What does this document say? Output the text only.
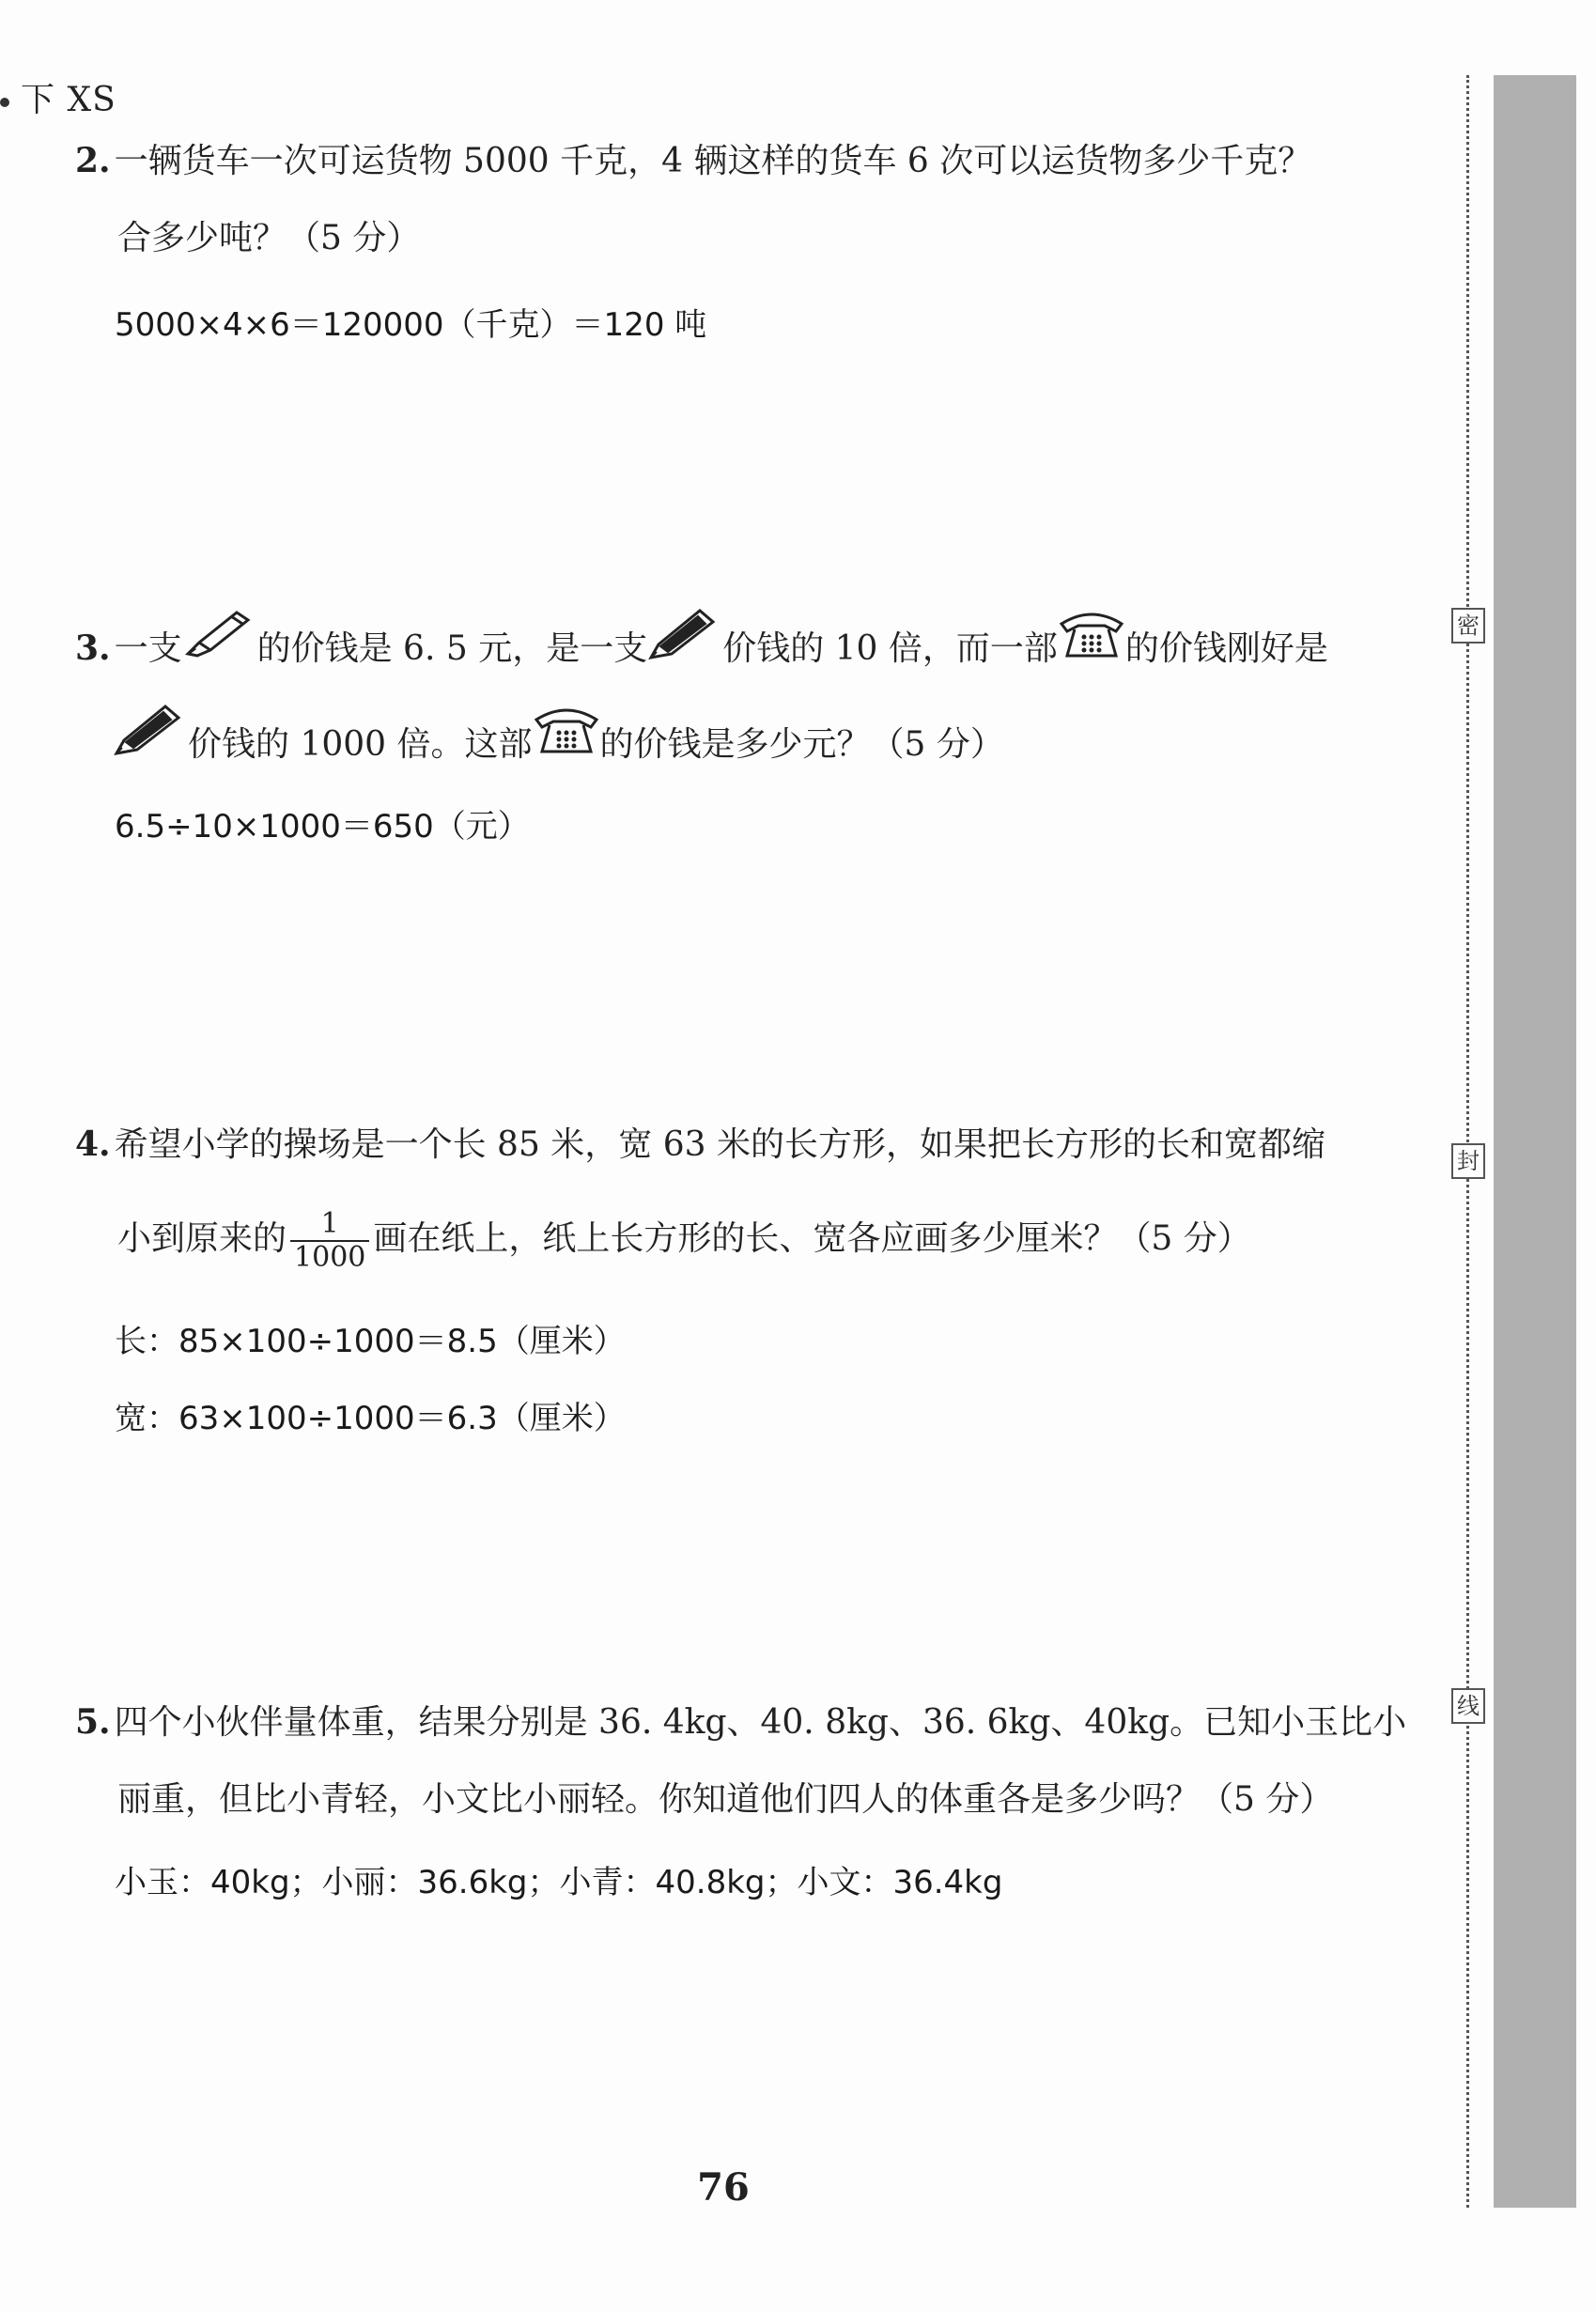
下 XS
2. 一辆货车一次可运货物 5000 千克，4 辆这样的货车 6 次可以运货物多少千克？
合多少吨？（5 分）
5000×4×6＝120000（千克）＝120 吨
3. 一支 的价钱是 6. 5 元，是一支 价钱的 10 倍，而一部 的价钱刚好是
价钱的 1000 倍。这部 的价钱是多少元？（5 分）
6.5÷10×1000＝650（元）
4. 希望小学的操场是一个长 85 米，宽 63 米的长方形，如果把长方形的长和宽都缩
小到原来的 $\frac{1}{1000}$ 画在纸上，纸上长方形的长、宽各应画多少厘米？（5 分）
长：85×100÷1000＝8.5（厘米）
宽：63×100÷1000＝6.3（厘米）
5. 四个小伙伴量体重，结果分别是 36. 4kg、40. 8kg、36. 6kg、40kg。已知小玉比小
丽重，但比小青轻，小文比小丽轻。你知道他们四人的体重各是多少吗？（5 分）
小玉：40kg；小丽：36.6kg；小青：40.8kg；小文：36.4kg
76
密
封
线
